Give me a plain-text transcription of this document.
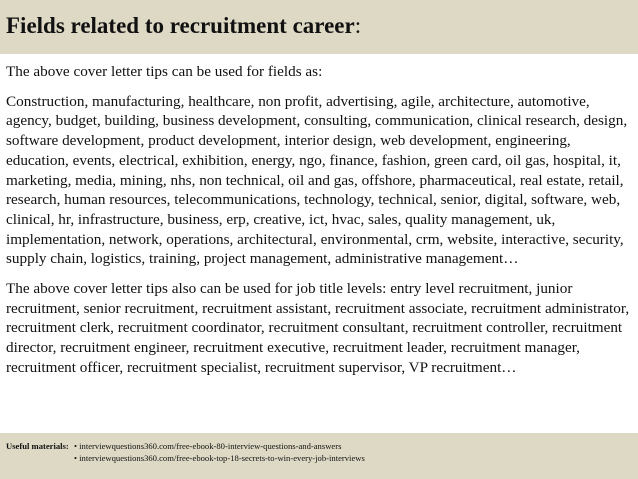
Fields related to recruitment career:

The above cover letter tips can be used for fields as:

Construction, manufacturing, healthcare, non profit, advertising, agile, architecture, automotive, agency, budget, building, business development, consulting, communication, clinical research, design, software development, product development, interior design, web development, engineering, education, events, electrical, exhibition, energy, ngo, finance, fashion, green card, oil gas, hospital, it, marketing, media, mining, nhs, non technical, oil and gas, offshore, pharmaceutical, real estate, retail, research, human resources, telecommunications, technology, technical, senior, digital, software, web, clinical, hr, infrastructure, business, erp, creative, ict, hvac, sales, quality management, uk, implementation, network, operations, architectural, environmental, crm, website, interactive, security, supply chain, logistics, training, project management, administrative management…

The above cover letter tips also can be used for job title levels: entry level recruitment, junior recruitment, senior recruitment, recruitment assistant, recruitment associate, recruitment administrator, recruitment clerk, recruitment coordinator, recruitment consultant, recruitment controller, recruitment director, recruitment engineer, recruitment executive, recruitment leader, recruitment manager, recruitment officer, recruitment specialist, recruitment supervisor, VP recruitment…

Useful materials: • interviewquestions360.com/free-ebook-80-interview-questions-and-answers
• interviewquestions360.com/free-ebook-top-18-secrets-to-win-every-job-interviews
